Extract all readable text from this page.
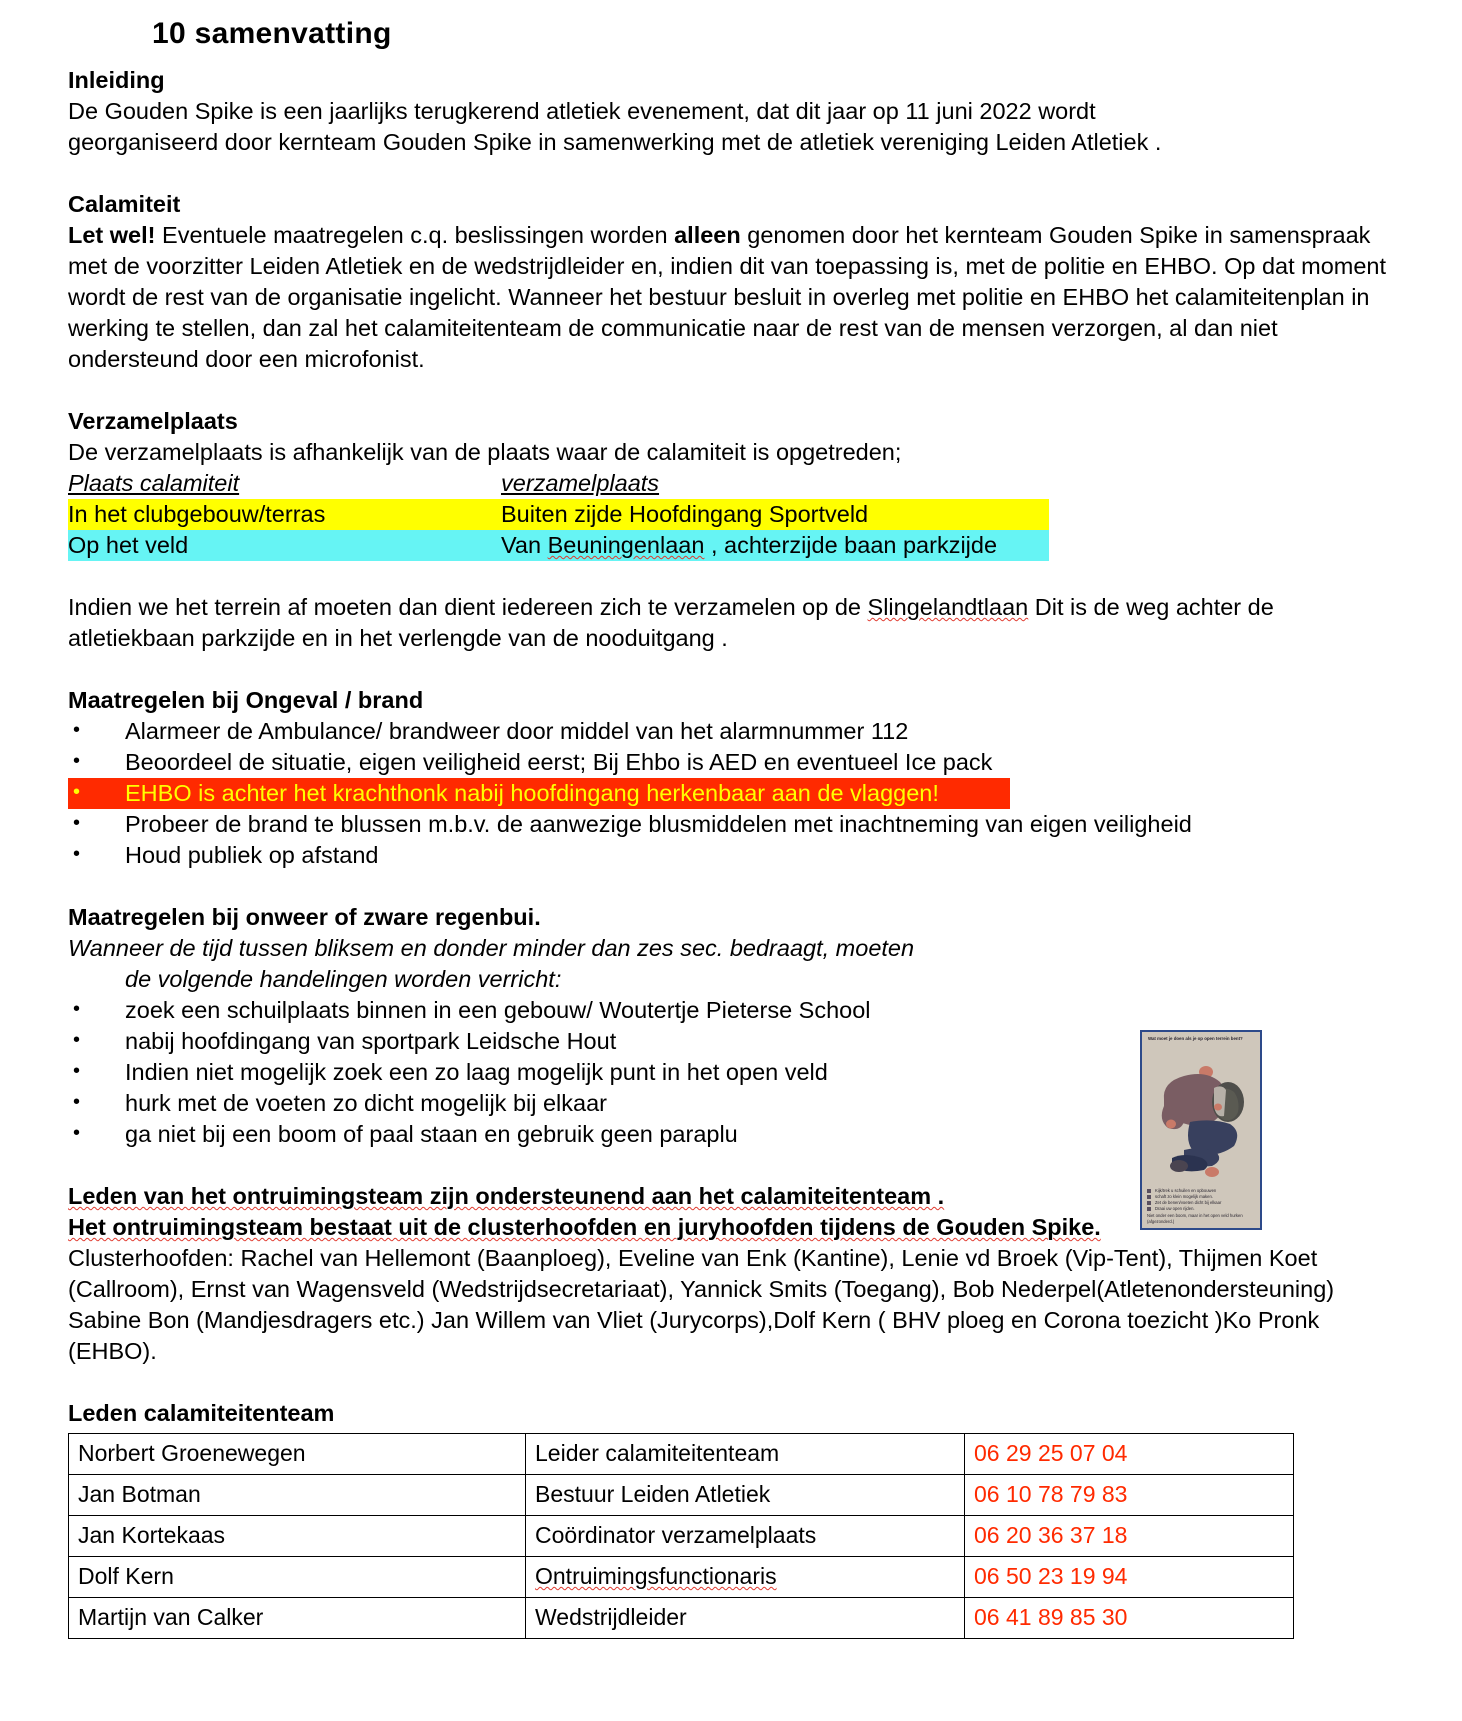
10 samenvatting
Inleiding
De Gouden Spike is een jaarlijks terugkerend atletiek evenement, dat dit jaar op 11 juni 2022 wordt
georganiseerd door kernteam Gouden Spike in samenwerking met de atletiek vereniging Leiden Atletiek .
Calamiteit
Let wel! Eventuele maatregelen c.q. beslissingen worden alleen genomen door het kernteam Gouden Spike in samenspraak met de voorzitter Leiden Atletiek en de wedstrijdleider en, indien dit van toepassing is, met de politie en EHBO. Op dat moment wordt de rest van de organisatie ingelicht. Wanneer het bestuur besluit in overleg met politie en EHBO het calamiteitenplan in werking te stellen, dan zal het calamiteitenteam de communicatie naar de rest van de mensen verzorgen, al dan niet ondersteund door een microfonist.
Verzamelplaats
De verzamelplaats is afhankelijk van de plaats waar de calamiteit is opgetreden;
Plaats calamiteit	verzamelplaats
In het clubgebouw/terras	Buiten zijde Hoofdingang Sportveld
Op het veld	Van Beuningenlaan , achterzijde baan parkzijde
Indien we het terrein af moeten dan dient iedereen zich te verzamelen op de Slingelandtlaan Dit is de weg achter de atletiekbaan parkzijde en in het verlengde van de nooduitgang .
Maatregelen bij Ongeval / brand
• Alarmeer de Ambulance/ brandweer door middel van het alarmnummer 112
• Beoordeel de situatie, eigen veiligheid eerst; Bij Ehbo is AED en eventueel Ice pack
• EHBO is achter het krachthonk nabij hoofdingang herkenbaar aan de vlaggen!
• Probeer de brand te blussen m.b.v. de aanwezige blusmiddelen met inachtneming van eigen veiligheid
• Houd publiek op afstand
Maatregelen bij onweer of zware regenbui.
Wanneer de tijd tussen bliksem en donder minder dan zes sec. bedraagt, moeten
de volgende handelingen worden verricht:
• zoek een schuilplaats binnen in een gebouw/ Woutertje Pieterse School
• nabij hoofdingang van sportpark Leidsche Hout
• Indien niet mogelijk zoek een zo laag mogelijk punt in het open veld
• hurk met de voeten zo dicht mogelijk bij elkaar
• ga niet bij een boom of paal staan en gebruik geen paraplu
Leden van het ontruimingsteam zijn ondersteunend aan het calamiteitenteam .
Het ontruimingsteam bestaat uit de clusterhoofden en juryhoofden tijdens de Gouden Spike.
Clusterhoofden: Rachel van Hellemont (Baanploeg), Eveline van Enk (Kantine), Lenie vd Broek (Vip-Tent), Thijmen Koet (Callroom), Ernst van Wagensveld (Wedstrijdsecretariaat), Yannick Smits (Toegang), Bob Nederpel(Atletenondersteuning) Sabine Bon (Mandjesdragers etc.) Jan Willem van Vliet (Jurycorps),Dolf Kern ( BHV ploeg en Corona toezicht )Ko Pronk (EHBO).
Leden calamiteitenteam
Norbert Groenewegen	Leider calamiteitenteam	06 29 25 07 04
Jan Botman	Bestuur Leiden Atletiek	06 10 78 79 83
Jan Kortekaas	Coördinator verzamelplaats	06 20 36 37 18
Dolf Kern	Ontruimingsfunctionaris	06 50 23 19 94
Martijn van Calker	Wedstrijdleider	06 41 89 85 30
Wat moet je doen als je op open terrein bent?
Kijk/trek u schuilen en opbouwen
schaft zo klein mogelijk maken.
Zet de benen/voeten dicht bij elkaar
Draai uw open rijden.
Niet onder een boom, maar in het open veld hurken (afgezonderd.)
